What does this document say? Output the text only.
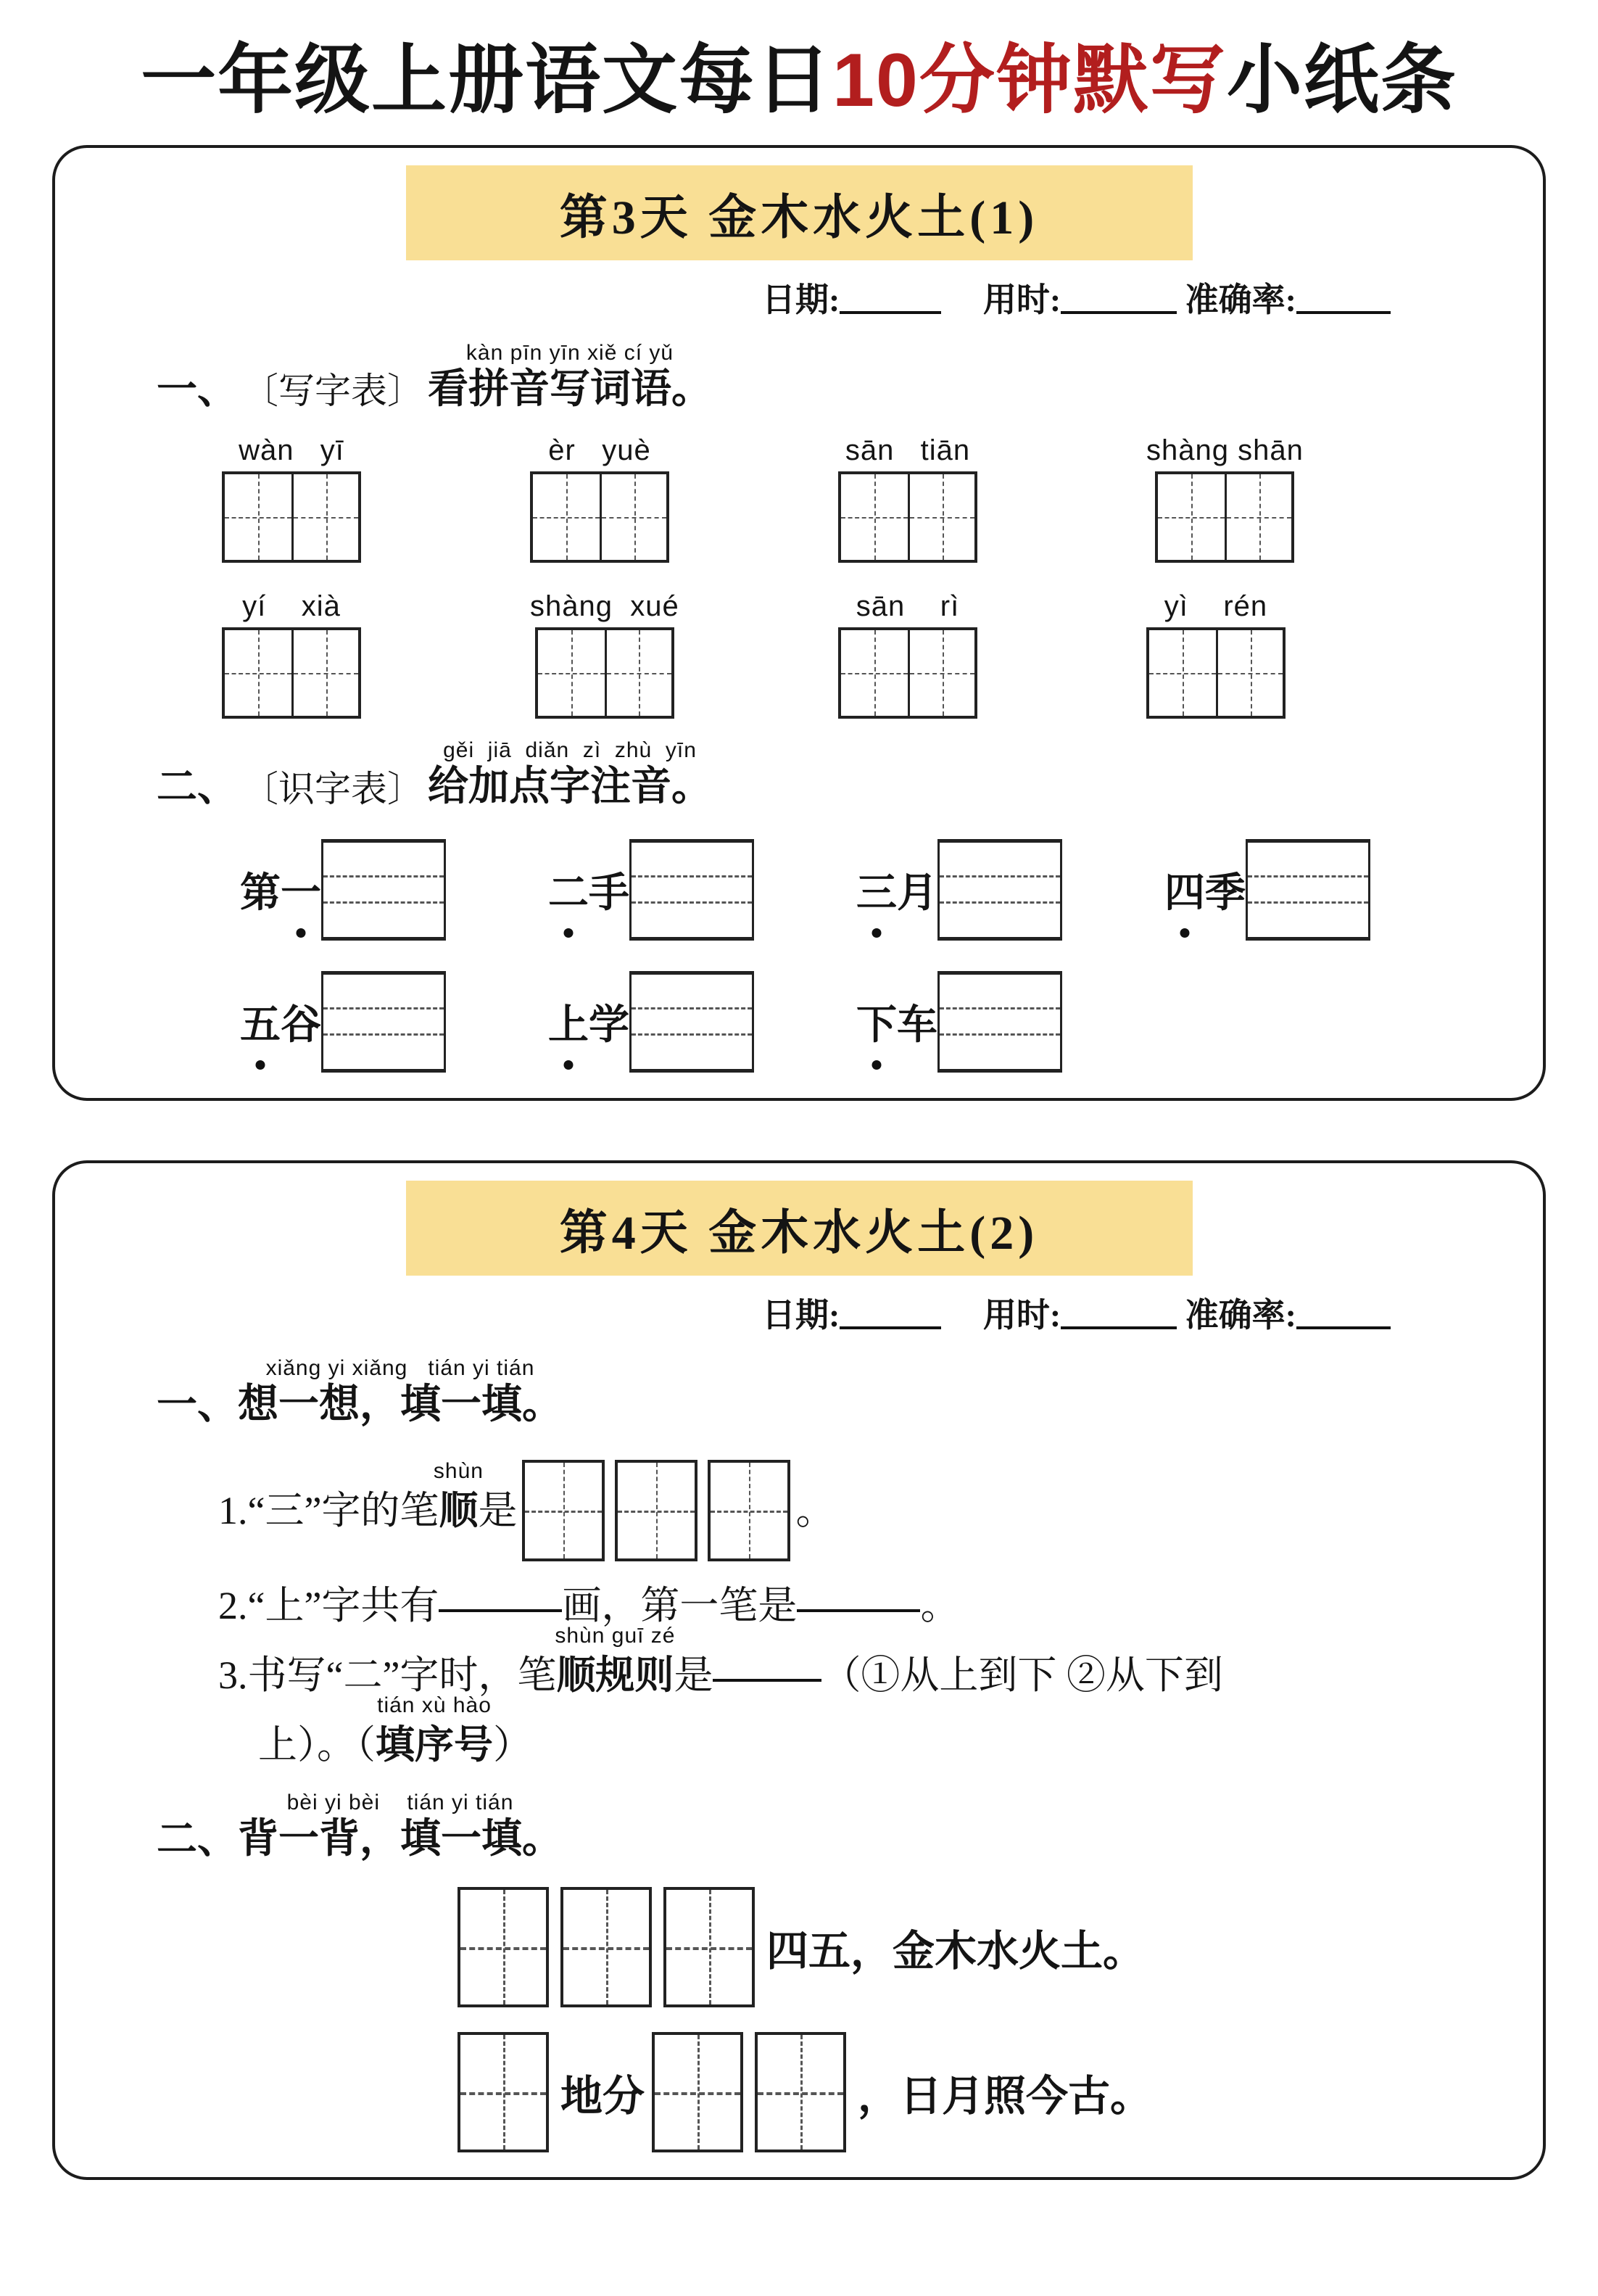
一年级上册语文每日10分钟默写小纸条
第3天 金木水火土(1)
日期:	用时:	准确率:
一、 〔写字表〕
kàn pīn yīn xiě cí yǔ
看拼音写词语。
wàn   yī	èr   yuè	sān   tiān	shàng shān
yí    xià	shàng  xué	sān    rì	yì    rén
二、 〔识字表〕
gěi  jiā  diǎn  zì  zhù  yīn
给加点字注音。
第一	二手	三月	四季
五谷	上学	下车
第4天 金木水火土(2)
日期:	用时:	准确率:
一、
xiǎng yi xiǎng   tián yi tián
想一想，填一填。
1. “三”字的笔
shùn
顺 是	。
2. “上”字共有	画，第一笔是	。
3. 书写“二”字时，笔
shùn guī zé
顺规则 是	（①从上到下 ②从下到
上）。（
tián xù hào
填序号 ）
二、
bèi yi bèi    tián yi tián
背一背，填一填。
四五，金木水火土。
地分	，日月照今古。
